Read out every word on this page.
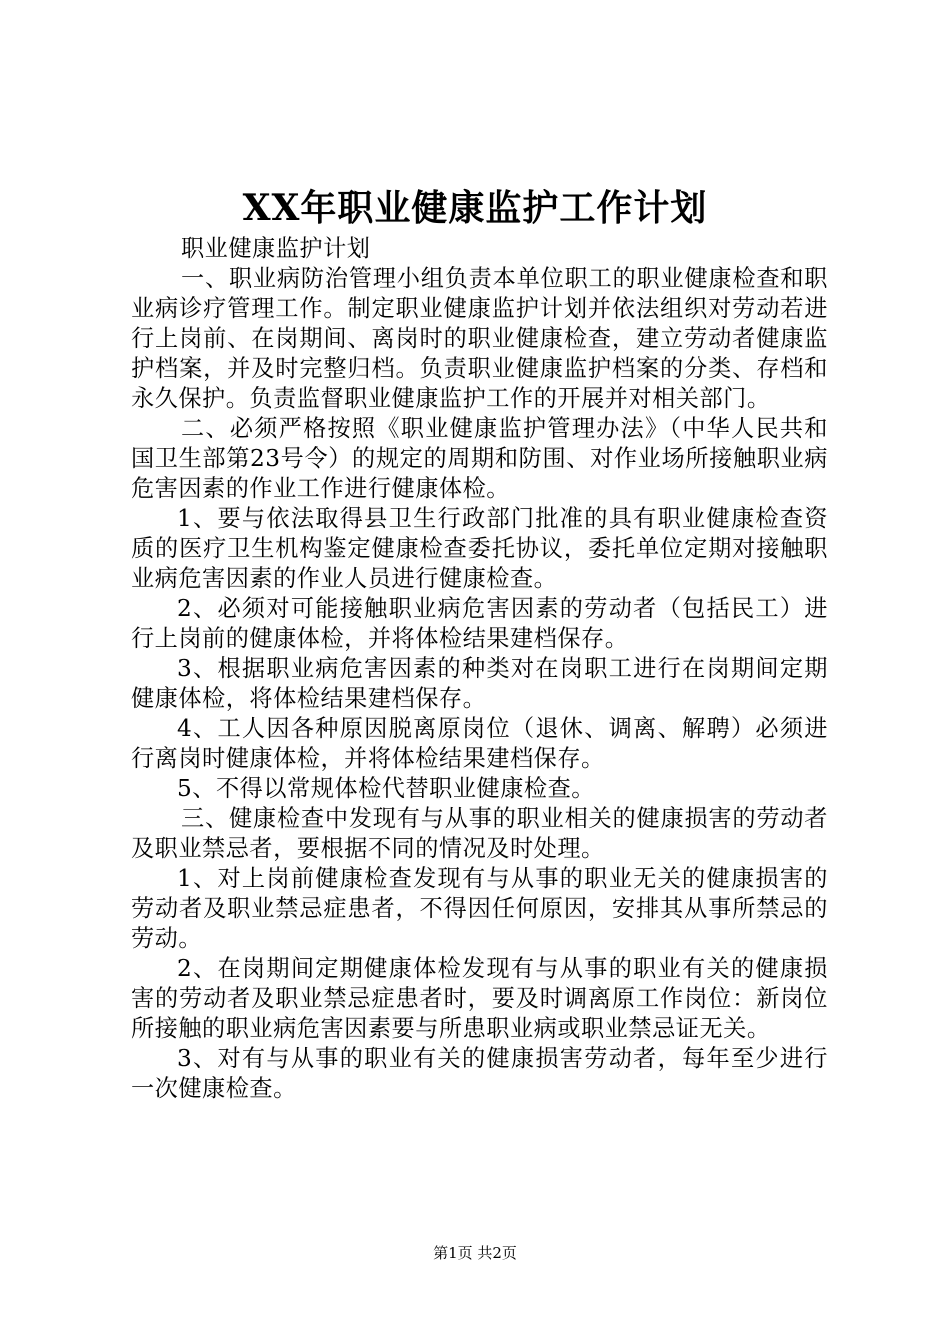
XX年职业健康监护工作计划

职业健康监护计划

一、职业病防治管理小组负责本单位职工的职业健康检查和职业病诊疗管理工作。制定职业健康监护计划并依法组织对劳动若进行上岗前、在岗期间、离岗时的职业健康检查，建立劳动者健康监护档案，并及时完整归档。负责职业健康监护档案的分类、存档和永久保护。负责监督职业健康监护工作的开展并对相关部门。

二、必须严格按照《职业健康监护管理办法》（中华人民共和国卫生部第23号令）的规定的周期和防围、对作业场所接触职业病危害因素的作业工作进行健康体检。

1、要与依法取得县卫生行政部门批准的具有职业健康检查资质的医疗卫生机构鉴定健康检查委托协议，委托单位定期对接触职业病危害因素的作业人员进行健康检查。

2、必须对可能接触职业病危害因素的劳动者（包括民工）进行上岗前的健康体检，并将体检结果建档保存。

3、根据职业病危害因素的种类对在岗职工进行在岗期间定期健康体检，将体检结果建档保存。

4、工人因各种原因脱离原岗位（退休、调离、解聘）必须进行离岗时健康体检，并将体检结果建档保存。

5、不得以常规体检代替职业健康检查。

三、健康检查中发现有与从事的职业相关的健康损害的劳动者及职业禁忌者，要根据不同的情况及时处理。

1、对上岗前健康检查发现有与从事的职业无关的健康损害的劳动者及职业禁忌症患者，不得因任何原因，安排其从事所禁忌的劳动。

2、在岗期间定期健康体检发现有与从事的职业有关的健康损害的劳动者及职业禁忌症患者时，要及时调离原工作岗位：新岗位所接触的职业病危害因素要与所患职业病或职业禁忌证无关。

3、对有与从事的职业有关的健康损害劳动者，每年至少进行一次健康检查。

第1页 共2页
